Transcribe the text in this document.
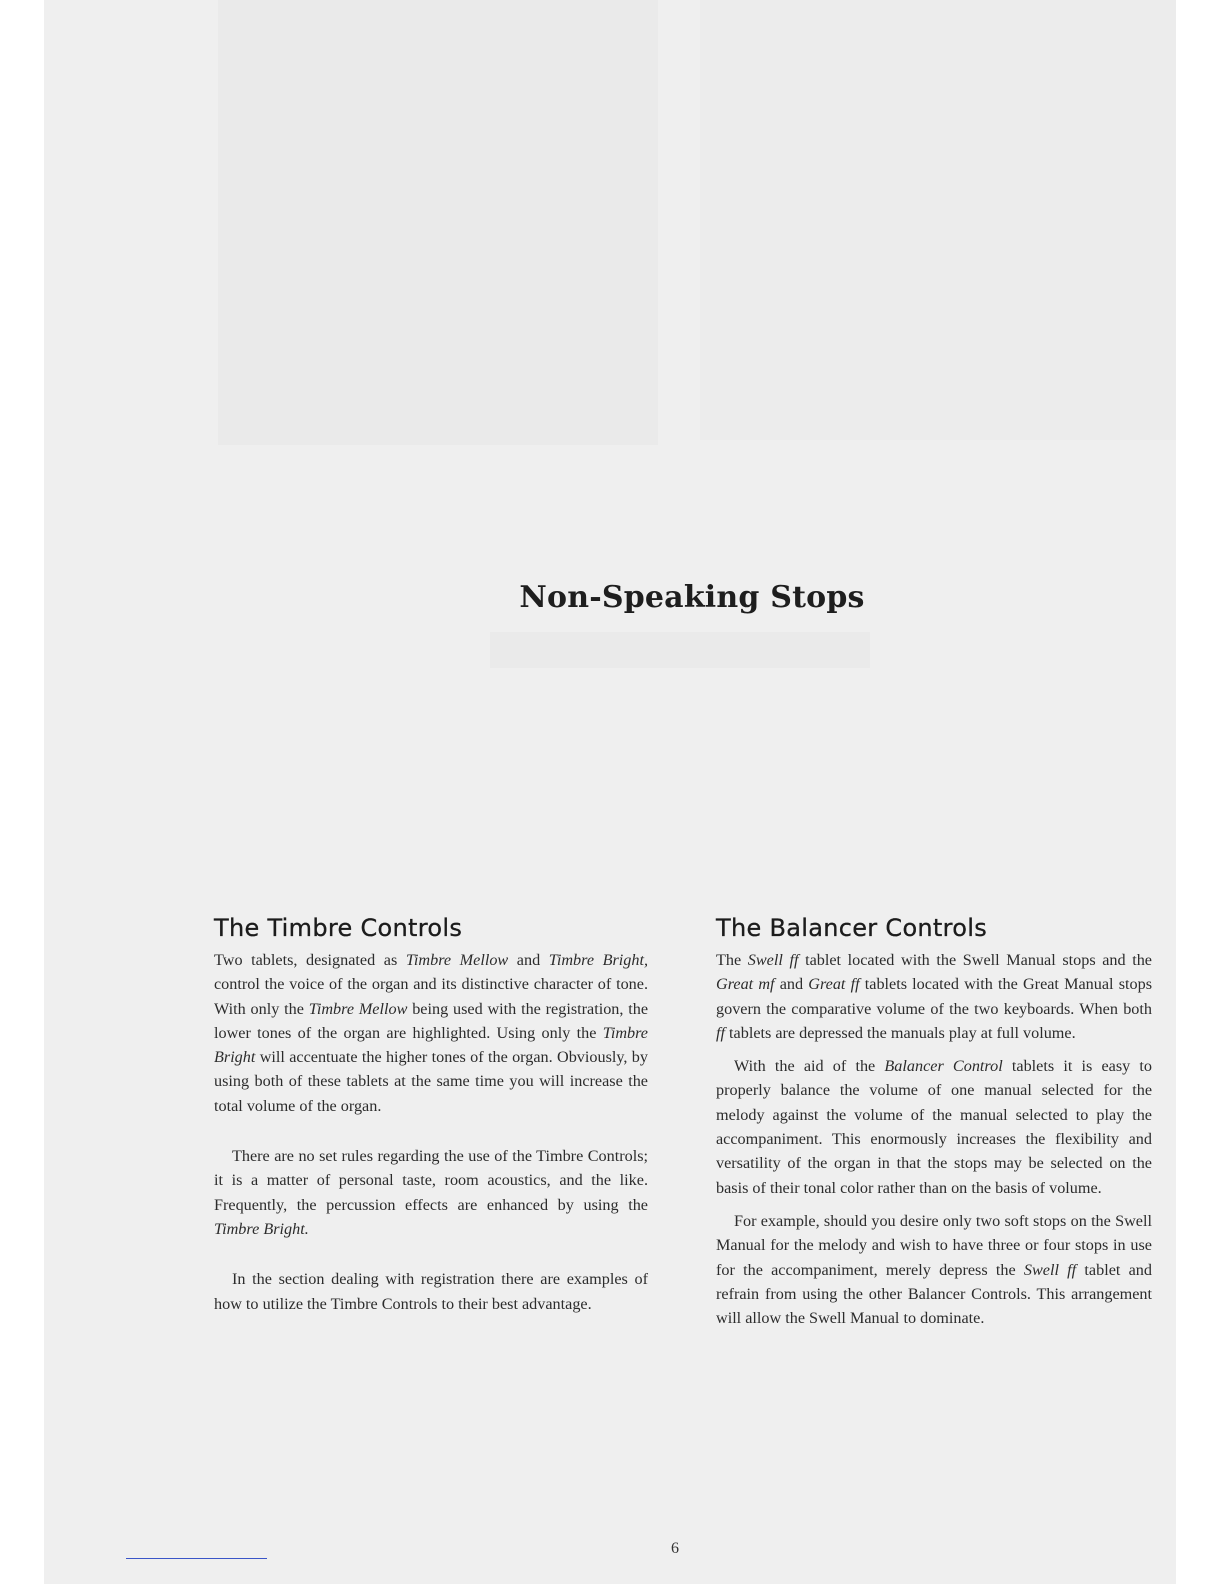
Non-Speaking Stops
The Timbre Controls

Two tablets, designated as Timbre Mellow and Timbre Bright, control the voice of the organ and its distinctive character of tone. With only the Timbre Mellow being used with the registration, the lower tones of the organ are highlighted. Using only the Timbre Bright will accentuate the higher tones of the organ. Obviously, by using both of these tablets at the same time you will increase the total volume of the organ.

There are no set rules regarding the use of the Timbre Controls; it is a matter of personal taste, room acoustics, and the like. Frequently, the percussion effects are enhanced by using the Timbre Bright.

In the section dealing with registration there are examples of how to utilize the Timbre Controls to their best advantage.

The Balancer Controls

The Swell ff tablet located with the Swell Manual stops and the Great mf and Great ff tablets located with the Great Manual stops govern the comparative volume of the two keyboards. When both ff tablets are depressed the manuals play at full volume.

With the aid of the Balancer Control tablets it is easy to properly balance the volume of one manual selected for the melody against the volume of the manual selected to play the accompaniment. This enormously increases the flexibility and versatility of the organ in that the stops may be selected on the basis of their tonal color rather than on the basis of volume.

For example, should you desire only two soft stops on the Swell Manual for the melody and wish to have three or four stops in use for the accompaniment, merely depress the Swell ff tablet and refrain from using the other Balancer Controls. This arrangement will allow the Swell Manual to dominate.

6
